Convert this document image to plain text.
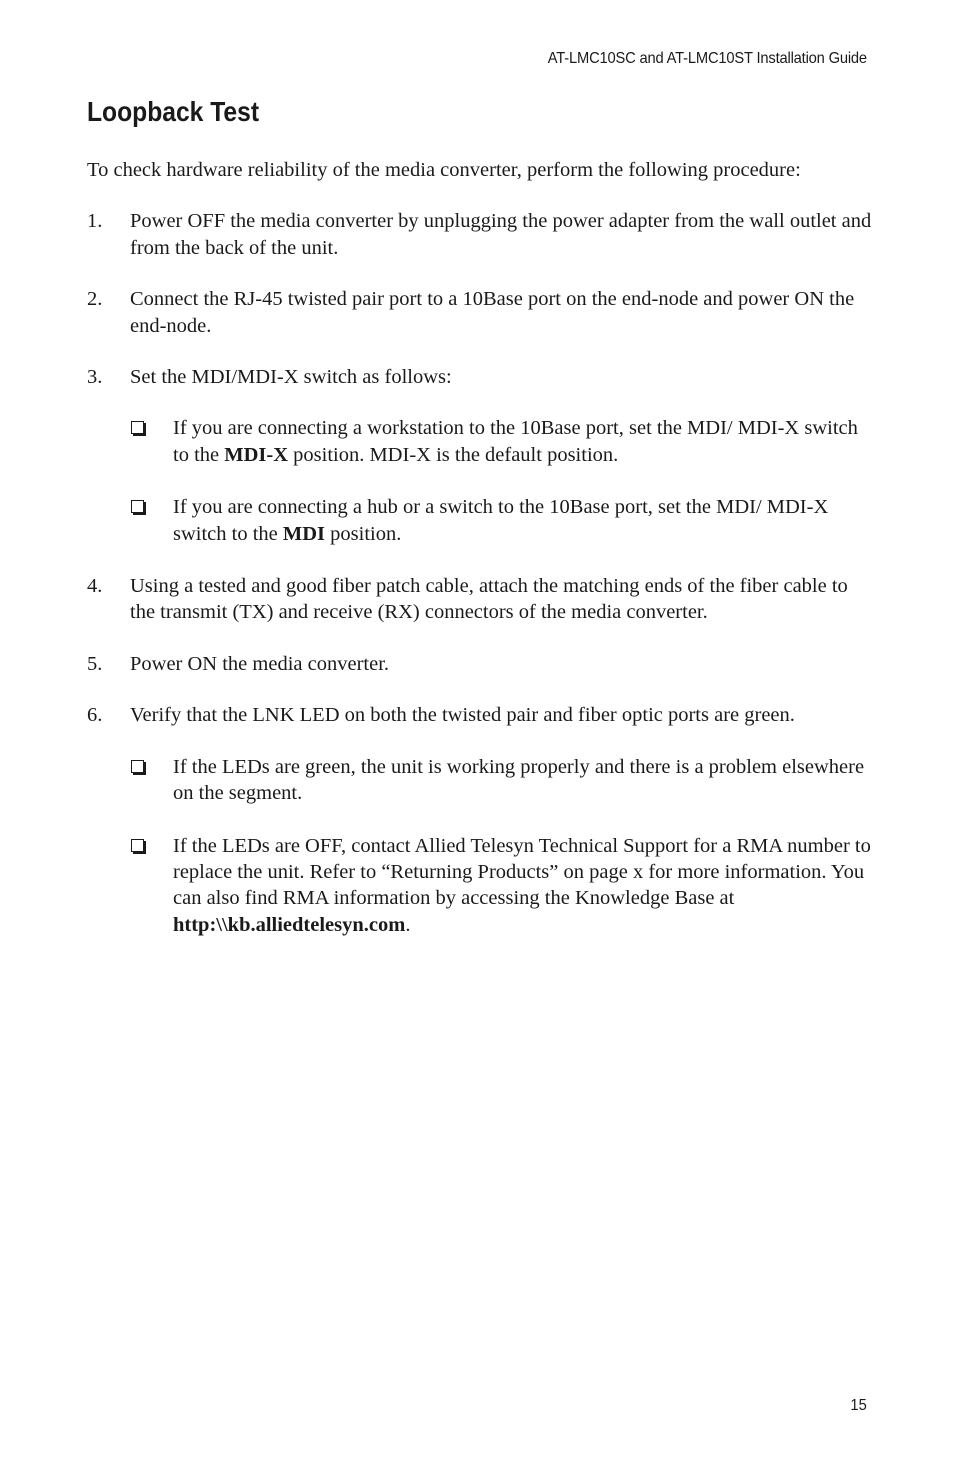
AT-LMC10SC and AT-LMC10ST Installation Guide
Loopback Test

To check hardware reliability of the media converter, perform the following procedure:

1. Power OFF the media converter by unplugging the power adapter from the wall outlet and from the back of the unit.
2. Connect the RJ-45 twisted pair port to a 10Base port on the end-node and power ON the end-node.
3. Set the MDI/MDI-X switch as follows:
If you are connecting a workstation to the 10Base port, set the MDI/ MDI-X switch to the MDI-X position. MDI-X is the default position.
If you are connecting a hub or a switch to the 10Base port, set the MDI/ MDI-X switch to the MDI position.
4. Using a tested and good fiber patch cable, attach the matching ends of the fiber cable to the transmit (TX) and receive (RX) connectors of the media converter.
5. Power ON the media converter.
6. Verify that the LNK LED on both the twisted pair and fiber optic ports are green.
If the LEDs are green, the unit is working properly and there is a problem elsewhere on the segment.
If the LEDs are OFF, contact Allied Telesyn Technical Support for a RMA number to replace the unit. Refer to “Returning Products” on page x for more information. You can also find RMA information by accessing the Knowledge Base at http:\\kb.alliedtelesyn.com.
15
